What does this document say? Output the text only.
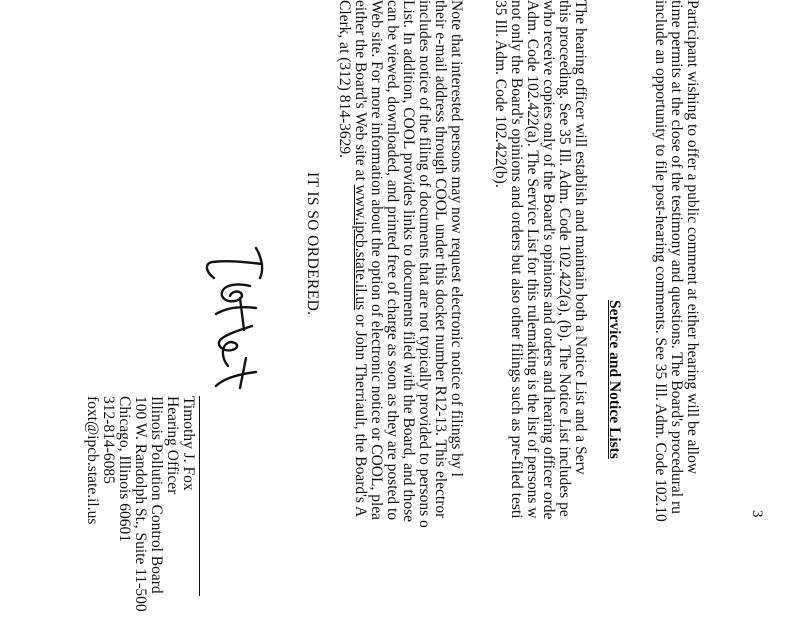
3
Participant wishing to offer a public comment at either hearing will be allow
time permits at the close of the testimony and questions. The Board's procedural ru
include an opportunity to file post-hearing comments. See 35 Ill. Adm. Code 102.10
Service and Notice Lists
The hearing officer will establish and maintain both a Notice List and a Serv
this proceeding. See 35 Ill. Adm. Code 102.422(a), (b). The Notice List includes pe
who receive copies only of the Board's opinions and orders and hearing officer orde
Adm. Code 102.422(a). The Service List for this rulemaking is the list of persons w
not only the Board's opinions and orders but also other filings such as pre-filed testi
35 Ill. Adm. Code 102.422(b).
Note that interested persons may now request electronic notice of filings by l
their e-mail address through COOL under this docket number R12-13. This electror
includes notice of the filing of documents that are not typically provided to persons o
List. In addition, COOL provides links to documents filed with the Board, and those
can be viewed, downloaded, and printed free of charge as soon as they are posted to
Web site. For more information about the option of electronic notice or COOL, plea
either the Board's Web site at www.ipcb.state.il.us or John Therriault, the Board's A
Clerk, at (312) 814-3629.
IT IS SO ORDERED.
Timothy J. Fox
Hearing Officer
Illinois Pollution Control Board
100 W. Randolph St., Suite 11-500
Chicago, Illinois 60601
312-814-6085
foxt@ipcb.state.il.us
